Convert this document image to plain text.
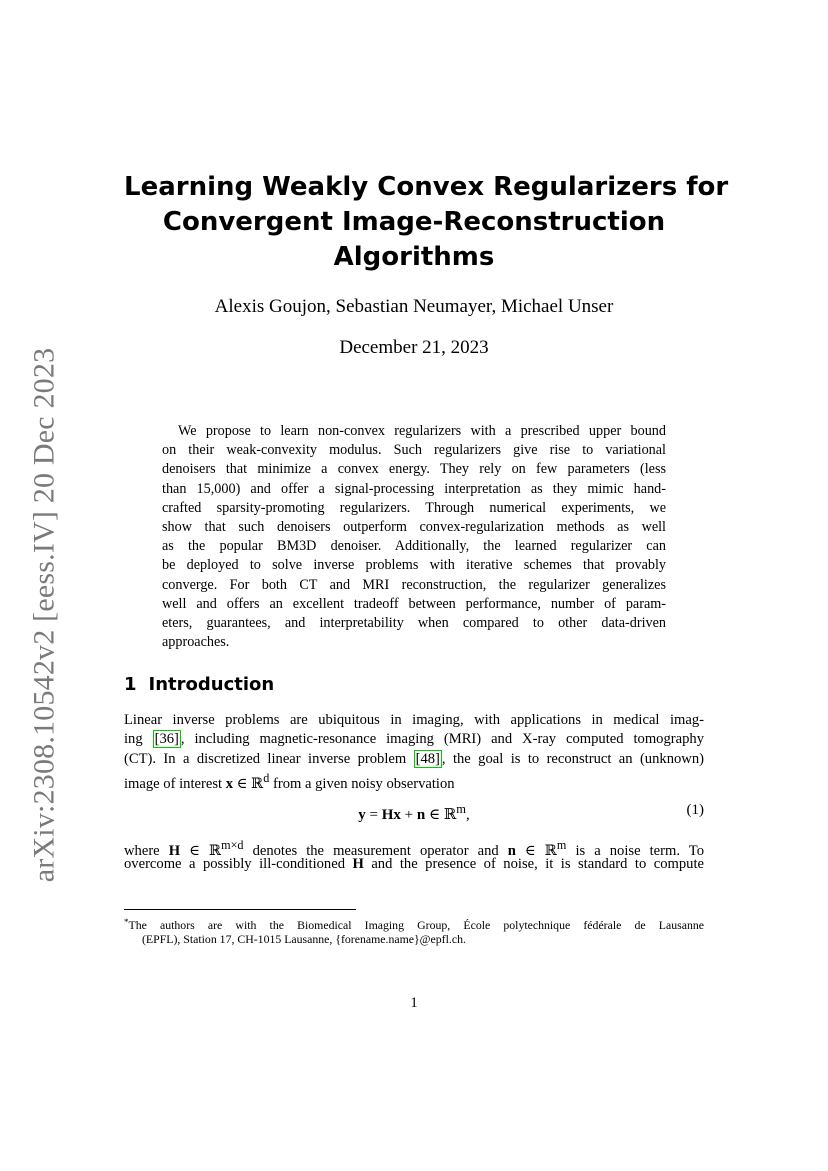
arXiv:2308.10542v2 [eess.IV] 20 Dec 2023
Learning Weakly Convex Regularizers for
Convergent Image-Reconstruction
Algorithms
Alexis Goujon, Sebastian Neumayer, Michael Unser
December 21, 2023
We propose to learn non-convex regularizers with a prescribed upper bound
on their weak-convexity modulus. Such regularizers give rise to variational
denoisers that minimize a convex energy. They rely on few parameters (less
than 15,000) and offer a signal-processing interpretation as they mimic hand-
crafted sparsity-promoting regularizers. Through numerical experiments, we
show that such denoisers outperform convex-regularization methods as well
as the popular BM3D denoiser. Additionally, the learned regularizer can
be deployed to solve inverse problems with iterative schemes that provably
converge. For both CT and MRI reconstruction, the regularizer generalizes
well and offers an excellent tradeoff between performance, number of param-
eters, guarantees, and interpretability when compared to other data-driven
approaches.
1 Introduction
Linear inverse problems are ubiquitous in imaging, with applications in medical imag-
ing [36] , including magnetic-resonance imaging (MRI) and X-ray computed tomography
(CT). In a discretized linear inverse problem [48] , the goal is to reconstruct an (unknown)
image of interest x ∈ ℝ$^d$ from a given noisy observation
y = Hx + n ∈ ℝ$^m$,	(1)
where H ∈ ℝ$^{m\times d}$ denotes the measurement operator and n ∈ ℝ$^m$ is a noise term. To
overcome a possibly ill-conditioned H and the presence of noise, it is standard to compute
*The authors are with the Biomedical Imaging Group, École polytechnique fédérale de Lausanne
(EPFL), Station 17, CH-1015 Lausanne, {forename.name}@epfl.ch.
1
